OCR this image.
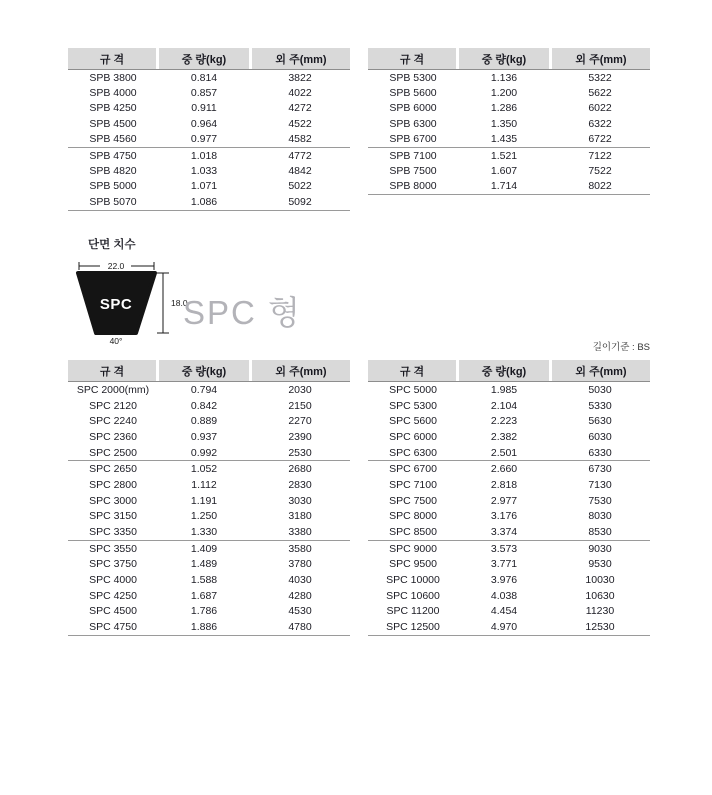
규 격	중 량(kg)	외 주(mm)
SPB 3800	0.814	3822
SPB 4000	0.857	4022
SPB 4250	0.911	4272
SPB 4500	0.964	4522
SPB 4560	0.977	4582
SPB 4750	1.018	4772
SPB 4820	1.033	4842
SPB 5000	1.071	5022
SPB 5070	1.086	5092
규 격	중 량(kg)	외 주(mm)
SPB 5300	1.136	5322
SPB 5600	1.200	5622
SPB 6000	1.286	6022
SPB 6300	1.350	6322
SPB 6700	1.435	6722
SPB 7100	1.521	7122
SPB 7500	1.607	7522
SPB 8000	1.714	8022
단면 치수
22.0
SPC	18.0
40°
SPC 형
길이기준 : BS
규 격	중 량(kg)	외 주(mm)
SPC 2000(mm)	0.794	2030
SPC 2120	0.842	2150
SPC 2240	0.889	2270
SPC 2360	0.937	2390
SPC 2500	0.992	2530
SPC 2650	1.052	2680
SPC 2800	1.112	2830
SPC 3000	1.191	3030
SPC 3150	1.250	3180
SPC 3350	1.330	3380
SPC 3550	1.409	3580
SPC 3750	1.489	3780
SPC 4000	1.588	4030
SPC 4250	1.687	4280
SPC 4500	1.786	4530
SPC 4750	1.886	4780
규 격	중 량(kg)	외 주(mm)
SPC 5000	1.985	5030
SPC 5300	2.104	5330
SPC 5600	2.223	5630
SPC 6000	2.382	6030
SPC 6300	2.501	6330
SPC 6700	2.660	6730
SPC 7100	2.818	7130
SPC 7500	2.977	7530
SPC 8000	3.176	8030
SPC 8500	3.374	8530
SPC 9000	3.573	9030
SPC 9500	3.771	9530
SPC 10000	3.976	10030
SPC 10600	4.038	10630
SPC 11200	4.454	11230
SPC 12500	4.970	12530
